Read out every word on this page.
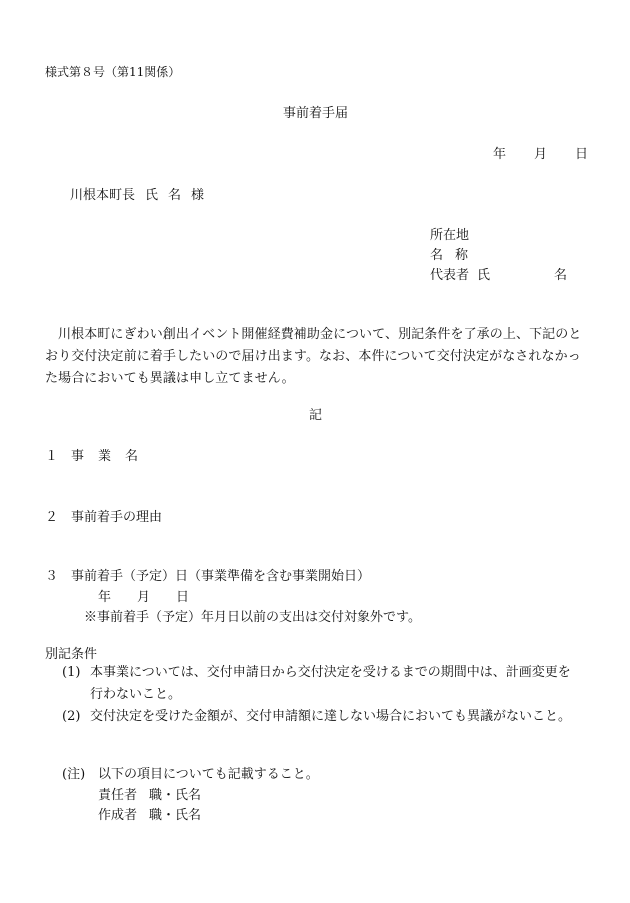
様式第８号（第11関係）
事前着手届
年 月 日
川根本町長 氏 名 様
所在地
名 称
代表者 氏	名
川根本町にぎわい創出イベント開催経費補助金について、別記条件を了承の上、下記のとおり交付決定前に着手したいので届け出ます。なお、本件について交付決定がなされなかった場合においても異議は申し立てません。
記
１ 事 業 名
２ 事前着手の理由
３ 事前着手（予定）日（事業準備を含む事業開始日）
年 月 日
※事前着手（予定）年月日以前の支出は交付対象外です。
別記条件
(1) 本事業については、交付申請日から交付決定を受けるまでの期間中は、計画変更を
行わないこと。
(2) 交付決定を受けた金額が、交付申請額に達しない場合においても異議がないこと。
(注) 以下の項目についても記載すること。
責任者 職・氏名
作成者 職・氏名
